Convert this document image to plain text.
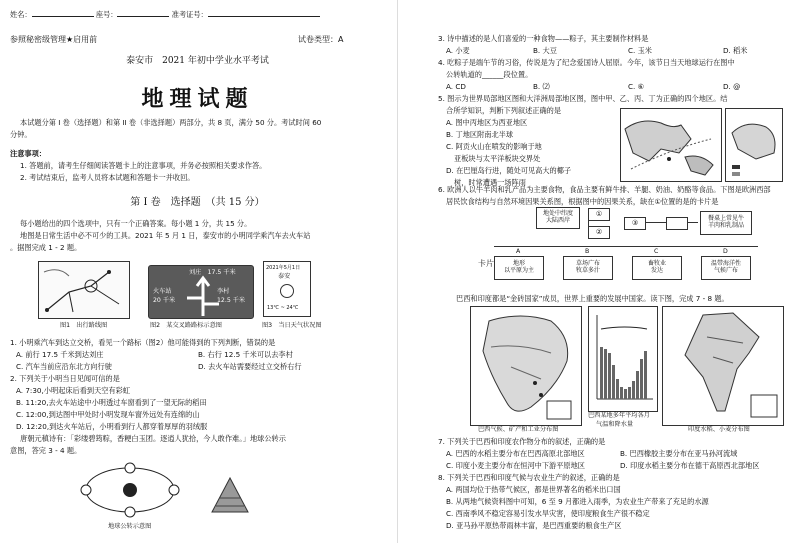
姓名：	座号：	准考证号：
参照秘密级管理★启用前	试卷类型：A
泰安市　2021 年初中学业水平考试
地理试题
本试题分第 I 卷（选择题）和第 II 卷（非选择题）两部分，共 8 页，满分 50 分。考试时间 60
分钟。
注意事项：
1. 答题前，请考生仔细阅读答题卡上的注意事项，并务必按照相关要求作答。
2. 考试结束后，监考人员将本试题和答题卡一并收回。
第 I 卷　选择题　（共 15 分）
每小题给出的四个选项中，只有一个正确答案。每小题 1 分，共 15 分。
地图是日常生活中必不可少的工具。2021 年 5 月 1 日，泰安市的小明同学乘汽车去火车站
。据图完成 1 - 2 题。
刘庄　17.5 千米
火车站
20 千米
李村
12.5 千米
2021年5月1日
泰安
13℃ ~ 24℃
图1　出行路线图	图2　某交叉路路标示意图	图3　当日天气状况图
1. 小明乘汽车到达立交桥，看见一个路标（图2）他可能得到的下列判断，错误的是
A. 前行 17.5 千米到达刘庄	B. 右行 12.5 千米可以去李村
C. 汽车当前应沿东北方向行驶	D. 去火车站需要经过立交桥右行
2. 下列关于小明当日见闻可信的是
A. 7:30,小明起床后看到天空有彩虹
B. 11:20,去火车站途中小明透过车窗看到了一望无际的稻田
C. 12:00,到达图中甲处时小明发现车窗外远处有连绵的山
D. 12:20,到达火车站后，小明看到行人都穿着厚厚的羽绒服
唐朝元稹诗有：「彩缕碧筠粽，香粳白玉团。逐逍人犹拾，今人敢作难。」地球公转示
意图，答完 3 - 4 题。
地球公转示意图
3. 诗中描述的是人们喜爱的一种食物——粽子，其主要制作材料是
A. 小麦	B. 大豆	C. 玉米	D. 稻米
4. 吃粽子是端午节的习俗，传说是为了纪念爱国诗人屈原。今年，该节日当天地球运行在图中
公转轨道的______段位置。
A. CD	B. ⑵	C. ⑥	D. @
5. 图示为世界局部地区图和大洋洲局部地区图，图中甲、乙、丙、丁为正确的四个地区。结
合所学知识，判断下列叙述正确的是
A. 图中丙地区为西亚地区
B. 丁地区附南北半球
C. 阿贡火山在喷发的影响于地
亚板块与太平洋板块交界处
D. 在巴厘岛行进，随处可见高大的椰子
树，时常遭遇一场阵雨
6. 欧洲人以牛羊肉和乳产品为主要食物，食品主要有鲜牛排、羊腿、奶油、奶酪等食品。下图是欧洲西部
居民饮食结构与自然环境因果关系图，根据图中的因果关系，缺在①位置的是的卡片是
地处中纬度
大陆西岸
①
②
③
餐桌上常见牛
羊肉和乳制品
卡片
A
地形
以平原为主
B
草场广布
牧草多汁
C
畜牧业
发达
D
温带海洋性
气候广布
巴西和印度都是“金砖国家”成员，世界上重要的发展中国家。读下图，完成 7 - 8 题。
巴西气候、矿产和工业分布图
巴西某地多年平均各月
气温和降水量
印度水稻、小麦分布图
7. 下列关于巴西和印度农作物分布的叙述，正确的是
A. 巴西的水稻主要分布在巴西高原北部地区	B. 巴西橡胶主要分布在亚马孙河流域
C. 印度小麦主要分布在恒河中下游平原地区	D. 印度水稻主要分布在德干高原西北部地区
8. 下列关于巴西和印度气候与农业生产的叙述，正确的是
A. 两国均位于热带气候区，都是世界著名的稻米出口国
B. 从两地气候资料图中可知，6 至 9 月都进入雨季，为农业生产带来了充足的水源
C. 西南季风不稳定容易引发水旱灾害，使印度粮食生产很不稳定
D. 亚马孙平原热带雨林丰富，是巴西重要的粮食生产区
